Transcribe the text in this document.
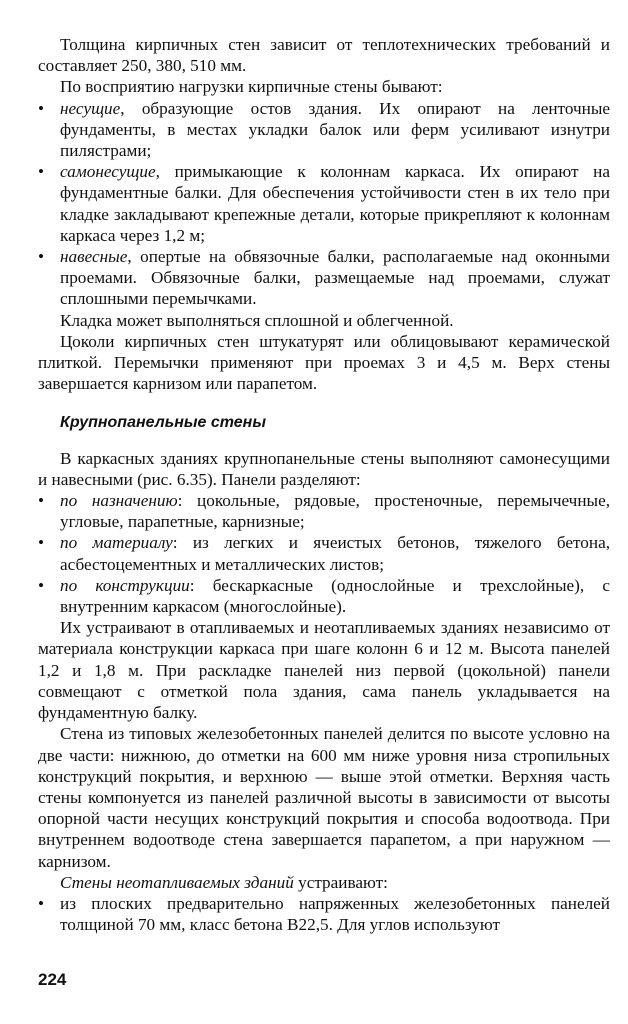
Толщина кирпичных стен зависит от теплотехнических требований и составляет 250, 380, 510 мм.

По восприятию нагрузки кирпичные стены бывают:

• несущие, образующие остов здания. Их опирают на ленточные фундаменты, в местах укладки балок или ферм усиливают изнутри пилястрами;
• самонесущие, примыкающие к колоннам каркаса. Их опирают на фундаментные балки. Для обеспечения устойчивости стен в их тело при кладке закладывают крепежные детали, которые прикрепляют к колоннам каркаса через 1,2 м;
• навесные, опертые на обвязочные балки, располагаемые над оконными проемами. Обвязочные балки, размещаемые над проемами, служат сплошными перемычками.

Кладка может выполняться сплошной и облегченной.

Цоколи кирпичных стен штукатурят или облицовывают керамической плиткой. Перемычки применяют при проемах 3 и 4,5 м. Верх стены завершается карнизом или парапетом.

Крупнопанельные стены

В каркасных зданиях крупнопанельные стены выполняют самонесущими и навесными (рис. 6.35). Панели разделяют:

• по назначению: цокольные, рядовые, простеночные, перемычечные, угловые, парапетные, карнизные;
• по материалу: из легких и ячеистых бетонов, тяжелого бетона, асбестоцементных и металлических листов;
• по конструкции: бескаркасные (однослойные и трехслойные), с внутренним каркасом (многослойные).

Их устраивают в отапливаемых и неотапливаемых зданиях независимо от материала конструкции каркаса при шаге колонн 6 и 12 м. Высота панелей 1,2 и 1,8 м. При раскладке панелей низ первой (цокольной) панели совмещают с отметкой пола здания, сама панель укладывается на фундаментную балку.

Стена из типовых железобетонных панелей делится по высоте условно на две части: нижнюю, до отметки на 600 мм ниже уровня низа стропильных конструкций покрытия, и верхнюю — выше этой отметки. Верхняя часть стены компонуется из панелей различной высоты в зависимости от высоты опорной части несущих конструкций покрытия и способа водоотвода. При внутреннем водоотводе стена завершается парапетом, а при наружном — карнизом.

Стены неотапливаемых зданий устраивают:

• из плоских предварительно напряженных железобетонных панелей толщиной 70 мм, класс бетона В22,5. Для углов используют
224
